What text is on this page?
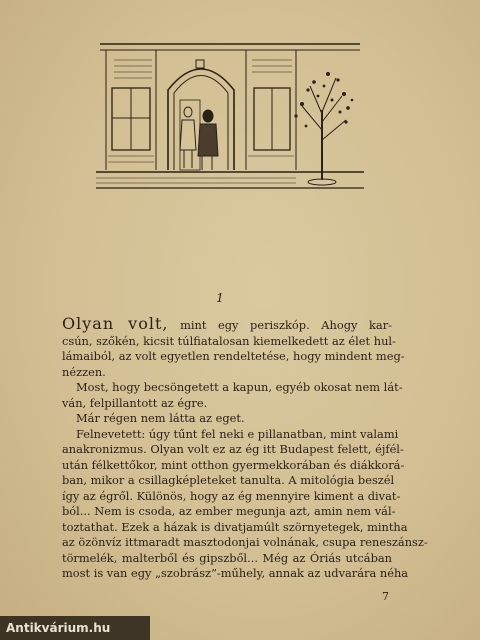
1
Olyan volt, mint egy periszkóp. Ahogy kar-
csún, szőkén, kicsit túlfiatalosan kiemelkedett az élet hul-
lámaiból, az volt egyetlen rendeltetése, hogy mindent meg-
nézzen.
Most, hogy becsöngetett a kapun, egyéb okosat nem lát-
ván, felpillantott az égre.
Már régen nem látta az eget.
Felnevetett: úgy tűnt fel neki e pillanatban, mint valami
anakronizmus. Olyan volt ez az ég itt Budapest felett, éjfél-
után félkettőkor, mint otthon gyermekkorában és diákkorá-
ban, mikor a csillagképleteket tanulta. A mitológia beszél
így az égről. Különös, hogy az ég mennyire kiment a divat-
ból... Nem is csoda, az ember megunja azt, amin nem vál-
toztathat. Ezek a házak is divatjamúlt szörnyetegek, mintha
az özönvíz ittmaradt masztodonjai volnának, csupa reneszánsz-
törmelék, malterből és gipszből... Még az Óriás utcában
most is van egy „szobrász”-műhely, annak az udvarára néha
7
Antikvárium.hu
